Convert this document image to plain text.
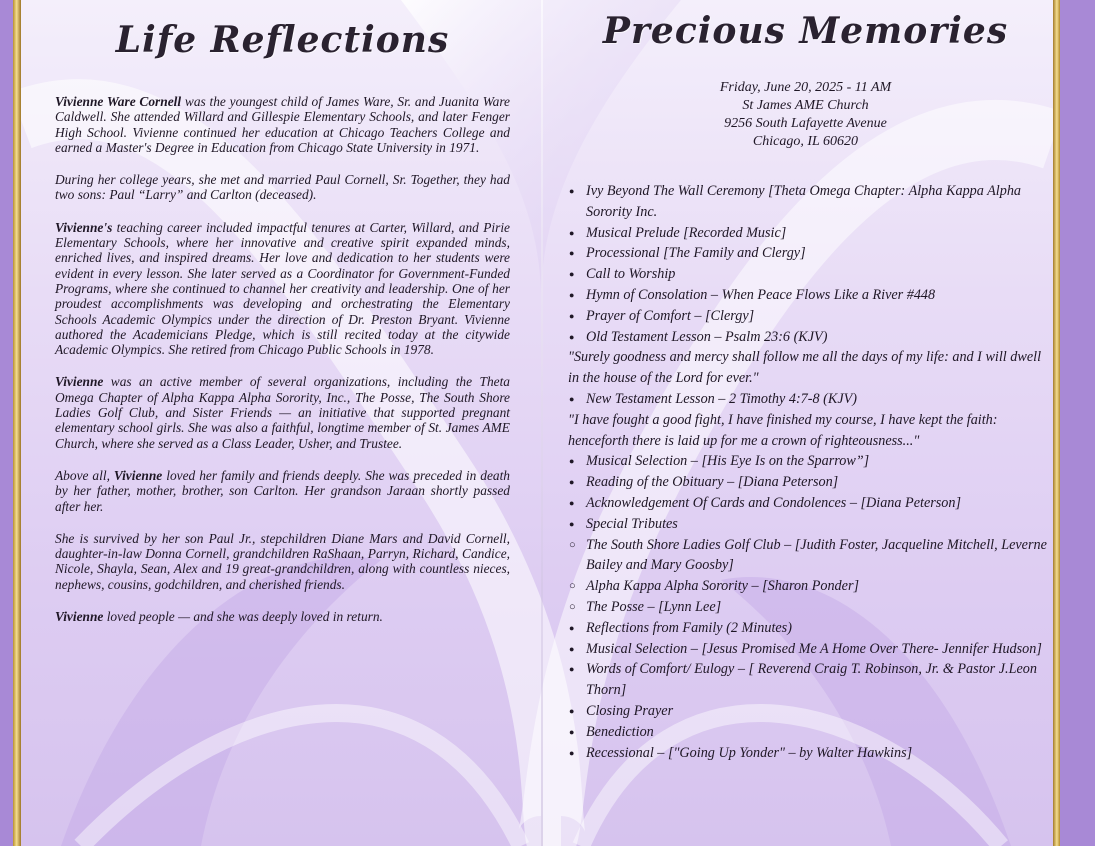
Life Reflections

Vivienne Ware Cornell was the youngest child of James Ware, Sr. and Juanita Ware Caldwell. She attended Willard and Gillespie Elementary Schools, and later Fenger High School. Vivienne continued her education at Chicago Teachers College and earned a Master's Degree in Education from Chicago State University in 1971.

During her college years, she met and married Paul Cornell, Sr. Together, they had two sons: Paul “Larry” and Carlton (deceased).

Vivienne's teaching career included impactful tenures at Carter, Willard, and Pirie Elementary Schools, where her innovative and creative spirit expanded minds, enriched lives, and inspired dreams. Her love and dedication to her students were evident in every lesson. She later served as a Coordinator for Government-Funded Programs, where she continued to channel her creativity and leadership. One of her proudest accomplishments was developing and orchestrating the Elementary Schools Academic Olympics under the direction of Dr. Preston Bryant. Vivienne authored the Academicians Pledge, which is still recited today at the citywide Academic Olympics. She retired from Chicago Public Schools in 1978.

Vivienne was an active member of several organizations, including the Theta Omega Chapter of Alpha Kappa Alpha Sorority, Inc., The Posse, The South Shore Ladies Golf Club, and Sister Friends — an initiative that supported pregnant elementary school girls. She was also a faithful, longtime member of St. James AME Church, where she served as a Class Leader, Usher, and Trustee.

Above all, Vivienne loved her family and friends deeply. She was preceded in death by her father, mother, brother, son Carlton. Her grandson Jaraan shortly passed after her.

She is survived by her son Paul Jr., stepchildren Diane Mars and David Cornell, daughter-in-law Donna Cornell, grandchildren RaShaan, Parryn, Richard, Candice, Nicole, Shayla, Sean, Alex and 19 great-grandchildren, along with countless nieces, nephews, cousins, godchildren, and cherished friends.

Vivienne loved people — and she was deeply loved in return.

Precious Memories
Friday, June 20, 2025 - 11 AM
St James AME Church
9256 South Lafayette Avenue
Chicago, IL 60620
● Ivy Beyond The Wall Ceremony [Theta Omega Chapter: Alpha Kappa Alpha Sorority Inc.
● Musical Prelude [Recorded Music]
● Processional [The Family and Clergy]
● Call to Worship
● Hymn of Consolation – When Peace Flows Like a River #448
● Prayer of Comfort – [Clergy]
● Old Testament Lesson – Psalm 23:6 (KJV)
"Surely goodness and mercy shall follow me all the days of my life: and I will dwell in the house of the Lord for ever."
● New Testament Lesson – 2 Timothy 4:7-8 (KJV)
"I have fought a good fight, I have finished my course, I have kept the faith: henceforth there is laid up for me a crown of righteousness..."
● Musical Selection – [His Eye Is on the Sparrow”]
● Reading of the Obituary – [Diana Peterson]
● Acknowledgement Of Cards and Condolences – [Diana Peterson]
● Special Tributes
○ The South Shore Ladies Golf Club – [Judith Foster, Jacqueline Mitchell, Leverne Bailey and Mary Goosby]
○ Alpha Kappa Alpha Sorority – [Sharon Ponder]
○ The Posse – [Lynn Lee]
● Reflections from Family (2 Minutes)
● Musical Selection – [Jesus Promised Me A Home Over There- Jennifer Hudson]
● Words of Comfort/ Eulogy – [ Reverend Craig T. Robinson, Jr. & Pastor J.Leon Thorn]
● Closing Prayer
● Benediction
● Recessional – ["Going Up Yonder" – by Walter Hawkins]
